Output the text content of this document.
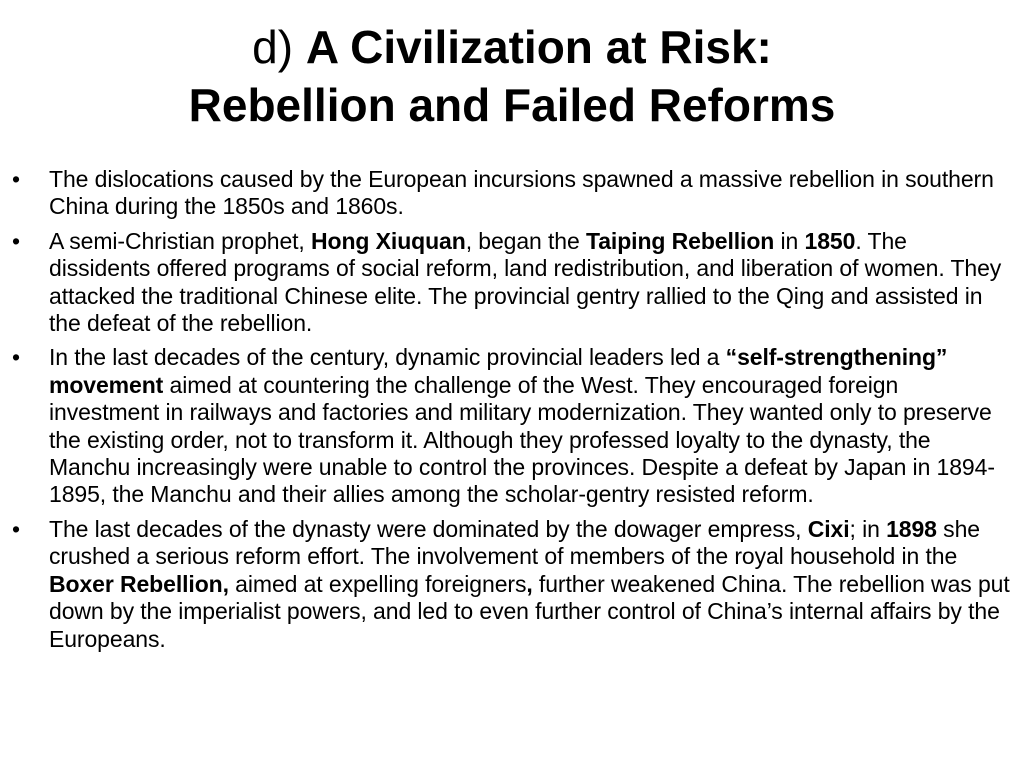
d) A Civilization at Risk:
Rebellion and Failed Reforms
•	The dislocations caused by the European incursions spawned a massive rebellion in southern China during the 1850s and 1860s.
•	A semi-Christian prophet, Hong Xiuquan, began the Taiping Rebellion in 1850. The dissidents offered programs of social reform, land redistribution, and liberation of women. They attacked the traditional Chinese elite. The provincial gentry rallied to the Qing and assisted in the defeat of the rebellion.
•	In the last decades of the century, dynamic provincial leaders led a “self-strengthening” movement aimed at countering the challenge of the West. They encouraged foreign investment in railways and factories and military modernization. They wanted only to preserve the existing order, not to transform it. Although they professed loyalty to the dynasty, the Manchu increasingly were unable to control the provinces. Despite a defeat by Japan in 1894-1895, the Manchu and their allies among the scholar-gentry resisted reform.
•	The last decades of the dynasty were dominated by the dowager empress, Cixi; in 1898 she crushed a serious reform effort. The involvement of members of the royal household in the Boxer Rebellion, aimed at expelling foreigners, further weakened China. The rebellion was put down by the imperialist powers, and led to even further control of China’s internal affairs by the Europeans.
